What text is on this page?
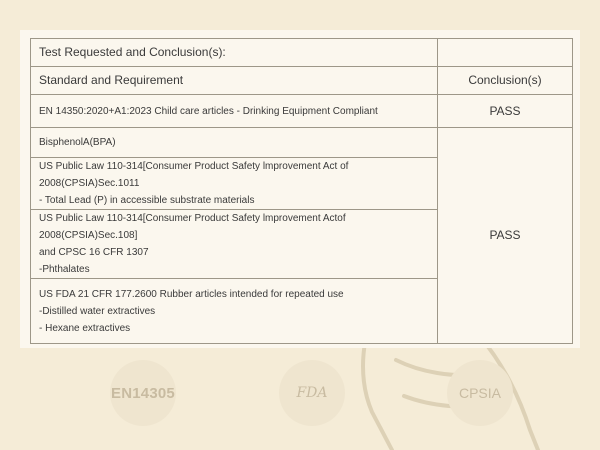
Test Requested and Conclusion(s):	
Standard and Requirement	Conclusion(s)

EN 14350:2020+A1:2023 Child care articles - Drinking Equipment Compliant	PASS

BisphenolA(BPA)	PASS

US Public Law 110-314[Consumer Product Safety lmprovement Act of 2008(CPSIA)Sec.1011
- Total Lead (P) in accessible substrate materials	

US Public Law 110-314[Consumer Product Safety lmprovement Actof 2008(CPSIA)Sec.108]
and CPSC 16 CFR 1307
-Phthalates	

US FDA 21 CFR 177.2600 Rubber articles intended for repeated use
-Distilled water extractives
- Hexane extractives	
EN14305	FDA	CPSIA
